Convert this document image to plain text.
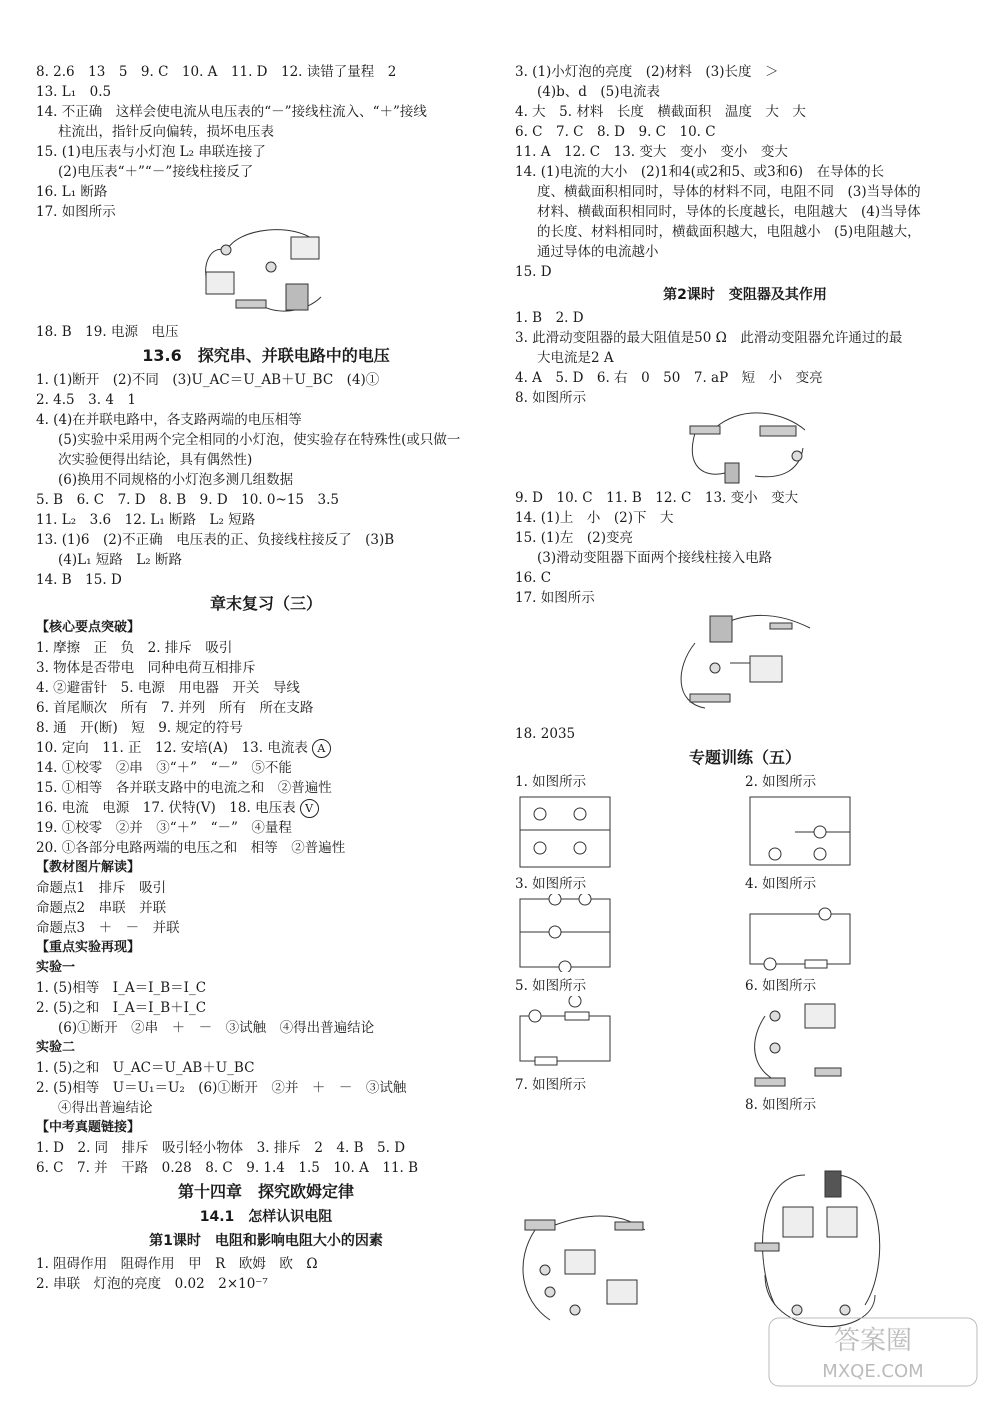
8. 2.6　13　5　9. C　10. A　11. D　12. 读错了量程　2
13. L₁　0.5
14. 不正确　这样会使电流从电压表的“－”接线柱流入、“＋”接线
柱流出，指针反向偏转，损坏电压表
15. (1)电压表与小灯泡 L₂ 串联连接了
(2)电压表“＋”“－”接线柱接反了
16. L₁ 断路
17. 如图所示
18. B　19. 电源　电压
13.6　探究串、并联电路中的电压
1. (1)断开　(2)不同　(3)U_AC＝U_AB＋U_BC　(4)①
2. 4.5　3. 4　1
4. (4)在并联电路中，各支路两端的电压相等
(5)实验中采用两个完全相同的小灯泡，使实验存在特殊性(或只做一
次实验便得出结论，具有偶然性)
(6)换用不同规格的小灯泡多测几组数据
5. B　6. C　7. D　8. B　9. D　10. 0~15　3.5
11. L₂　3.6　12. L₁ 断路　L₂ 短路
13. (1)6　(2)不正确　电压表的正、负接线柱接反了　(3)B
(4)L₁ 短路　L₂ 断路
14. B　15. D
章末复习（三）
【核心要点突破】
1. 摩擦　正　负　2. 排斥　吸引
3. 物体是否带电　同种电荷互相排斥
4. ②避雷针　5. 电源　用电器　开关　导线
6. 首尾顺次　所有　7. 并列　所有　所在支路
8. 通　开(断)　短　9. 规定的符号
10. 定向　11. 正　12. 安培(A)　13. 电流表 A
14. ①校零　②串　③“＋”　“－”　⑤不能
15. ①相等　各并联支路中的电流之和　②普遍性
16. 电流　电源　17. 伏特(V)　18. 电压表 V
19. ①校零　②并　③“＋”　“－”　④量程
20. ①各部分电路两端的电压之和　相等　②普遍性
【教材图片解读】
命题点1　排斥　吸引
命题点2　串联　并联
命题点3　＋　－　并联
【重点实验再现】
实验一
1. (5)相等　I_A＝I_B＝I_C
2. (5)之和　I_A＝I_B＋I_C
(6)①断开　②串　＋　－　③试触　④得出普遍结论
实验二
1. (5)之和　U_AC＝U_AB＋U_BC
2. (5)相等　U＝U₁＝U₂　(6)①断开　②并　＋　－　③试触
④得出普遍结论
【中考真题链接】
1. D　2. 同　排斥　吸引轻小物体　3. 排斥　2　4. B　5. D
6. C　7. 并　干路　0.28　8. C　9. 1.4　1.5　10. A　11. B
第十四章　探究欧姆定律
14.1　怎样认识电阻
第1课时　电阻和影响电阻大小的因素
1. 阻碍作用　阻碍作用　甲　R　欧姆　欧　Ω
2. 串联　灯泡的亮度　0.02　2×10⁻⁷
3. (1)小灯泡的亮度　(2)材料　(3)长度　＞
(4)b、d　(5)电流表
4. 大　5. 材料　长度　横截面积　温度　大　大
6. C　7. C　8. D　9. C　10. C
11. A　12. C　13. 变大　变小　变小　变大
14. (1)电流的大小　(2)1和4(或2和5、或3和6)　在导体的长
度、横截面积相同时，导体的材料不同，电阻不同　(3)当导体的
材料、横截面积相同时，导体的长度越长，电阻越大　(4)当导体
的长度、材料相同时，横截面积越大，电阻越小　(5)电阻越大，
通过导体的电流越小
15. D
第2课时　变阻器及其作用
1. B　2. D
3. 此滑动变阻器的最大阻值是50 Ω　此滑动变阻器允许通过的最
大电流是2 A
4. A　5. D　6. 右　0　50　7. aP　短　小　变亮
8. 如图所示
9. D　10. C　11. B　12. C　13. 变小　变大
14. (1)上　小　(2)下　大
15. (1)左　(2)变亮
(3)滑动变阻器下面两个接线柱接入电路
16. C
17. 如图所示
18. 2035
专题训练（五）
1. 如图所示	2. 如图所示
3. 如图所示	4. 如图所示
5. 如图所示
7. 如图所示
6. 如图所示
8. 如图所示
答案圈
MXQE.COM
